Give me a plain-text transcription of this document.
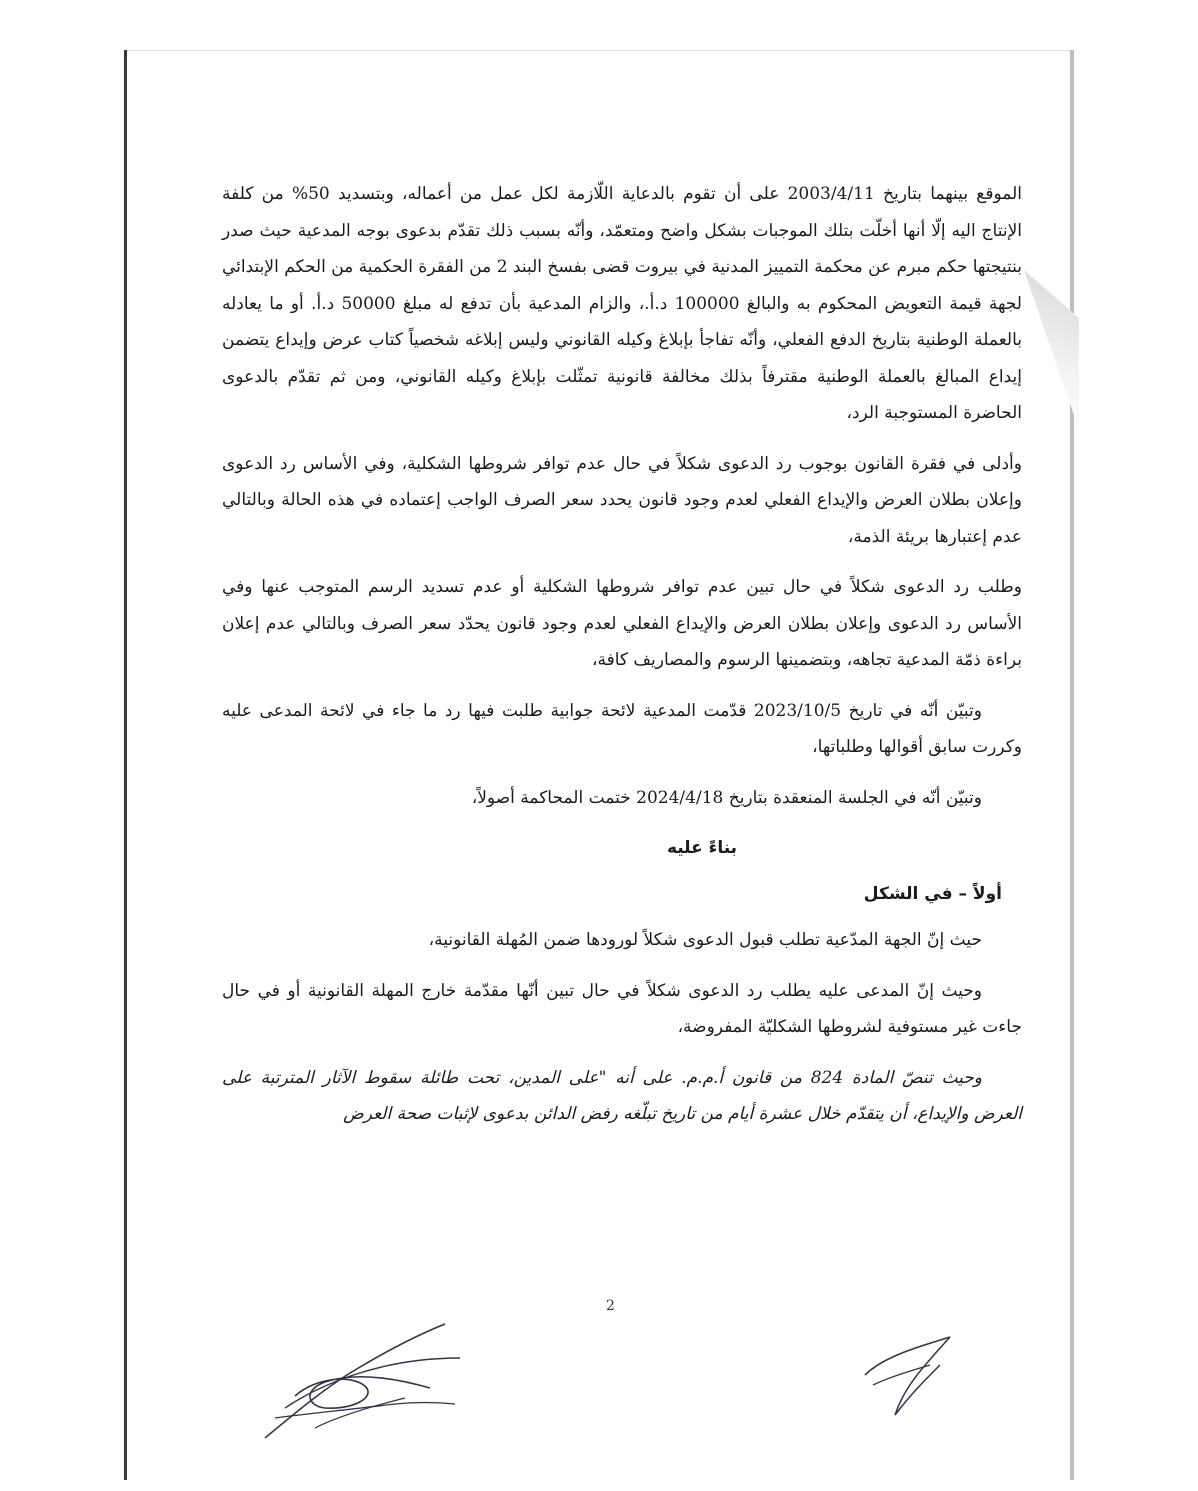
الموقع بينهما بتاريخ 2003/4/11 على أن تقوم بالدعاية اللّازمة لكل عمل من أعماله، وبتسديد 50% من كلفة الإنتاج اليه إلّا أنها أخلّت بتلك الموجبات بشكل واضح ومتعمّد، وأنّه بسبب ذلك تقدّم بدعوى بوجه المدعية حيث صدر بنتيجتها حكم مبرم عن محكمة التمييز المدنية في بيروت قضى بفسخ البند 2 من الفقرة الحكمية من الحكم الإبتدائي لجهة قيمة التعويض المحكوم به والبالغ 100000 د.أ.، والزام المدعية بأن تدفع له مبلغ 50000 د.أ. أو ما يعادله بالعملة الوطنية بتاريخ الدفع الفعلي، وأنّه تفاجأ بإبلاغ وكيله القانوني وليس إبلاغه شخصياً كتاب عرض وإيداع يتضمن إيداع المبالغ بالعملة الوطنية مقترفاً بذلك مخالفة قانونية تمثّلت بإبلاغ وكيله القانوني، ومن ثم تقدّم بالدعوى الحاضرة المستوجبة الرد،

وأدلى في فقرة القانون بوجوب رد الدعوى شكلاً في حال عدم توافر شروطها الشكلية، وفي الأساس رد الدعوى وإعلان بطلان العرض والإيداع الفعلي لعدم وجود قانون يحدد سعر الصرف الواجب إعتماده في هذه الحالة وبالتالي عدم إعتبارها بريئة الذمة،

وطلب رد الدعوى شكلاً في حال تبين عدم توافر شروطها الشكلية أو عدم تسديد الرسم المتوجب عنها وفي الأساس رد الدعوى وإعلان بطلان العرض والإيداع الفعلي لعدم وجود قانون يحدّد سعر الصرف وبالتالي عدم إعلان براءة ذمّة المدعية تجاهه، وبتضمينها الرسوم والمصاريف كافة،

وتبيّن أنّه في تاريخ 2023/10/5 قدّمت المدعية لائحة جوابية طلبت فيها رد ما جاء في لائحة المدعى عليه وكررت سابق أقوالها وطلباتها،

وتبيّن أنّه في الجلسة المنعقدة بتاريخ 2024/4/18 ختمت المحاكمة أصولاً،

بناءً عليه
أولاً – في الشكل

حيث إنّ الجهة المدّعية تطلب قبول الدعوى شكلاً لورودها ضمن المُهلة القانونية،

وحيث إنّ المدعى عليه يطلب رد الدعوى شكلاً في حال تبين أنّها مقدّمة خارج المهلة القانونية أو في حال جاءت غير مستوفية لشروطها الشكليّة المفروضة،

وحيث تنصّ المادة 824 من قانون أ.م.م. على أنه "على المدين، تحت طائلة سقوط الآثار المترتبة على العرض والإيداع، أن يتقدّم خلال عشرة أيام من تاريخ تبلّغه رفض الدائن بدعوى لإثبات صحة العرض

2
